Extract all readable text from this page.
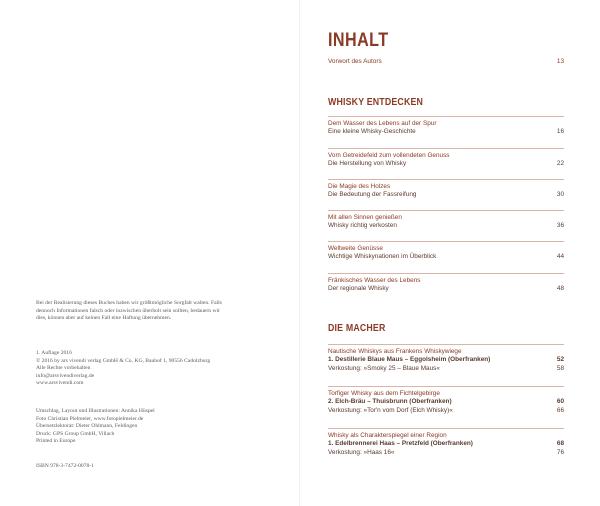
Bei der Realisierung dieses Buches haben wir größtmögliche Sorgfalt walten. Falls
dennoch Informationen falsch oder inzwischen überholt sein sollten, bedauern wir
dies, können aber auf keinen Fall eine Haftung übernehmen.
1. Auflage 2016
© 2016 by ars vivendi verlag GmbH & Co. KG, Bauhof 1, 90556 Cadolzburg
Alle Rechte vorbehalten
info@arsvivendiverlag.de
www.arsvivendi.com
Umschlag, Layout und Illustrationen: Annika Hüspel
Foto Christian Pielmeier, www.fotopielmeier.de
Übersetzlektorat: Dieter Ohlmann, Feldingen
Druck: GPS Group GmbH, Villach
Printed in Europe
ISBN 978-3-7472-0078-1
INHALT
Vorwort des Autors	13
WHISKY ENTDECKEN
Dem Wasser des Lebens auf der Spur
Eine kleine Whisky-Geschichte	16
Vom Getreidefeld zum vollendeten Genuss
Die Herstellung von Whisky	22
Die Magie des Holzes
Die Bedeutung der Fassreifung	30
Mit allen Sinnen genießen
Whisky richtig verkosten	36
Weltweite Genüsse
Wichtige Whiskynationen im Überblick	44
Fränkisches Wasser des Lebens
Der regionale Whisky	48
DIE MACHER
Nautische Whiskys aus Frankens Whiskywiege
1. Destillerie Blaue Maus – Eggolsheim (Oberfranken)	52
Verkostung: »Smoky 25 – Blaue Maus«	58
Torfiger Whisky aus dem Fichtelgebirge
2. Elch-Bräu – Thuisbrunn (Oberfranken)	60
Verkostung: »Tor'n vom Dorf (Elch Whisky)«	66
Whisky als Charakterspiegel einer Region
1. Edelbrennerei Haas – Pretzfeld (Oberfranken)	68
Verkostung: »Haas 16«	76
